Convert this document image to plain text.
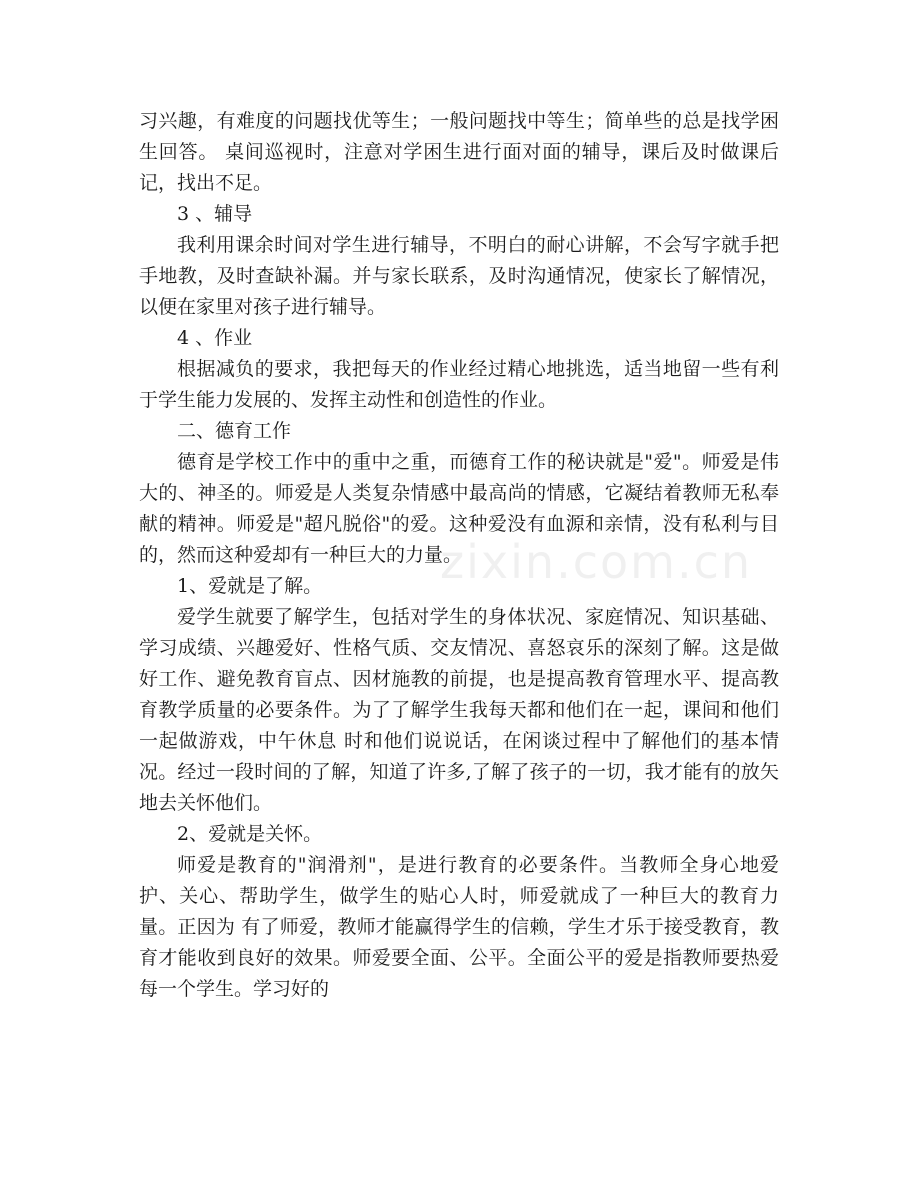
zixin.com.cn

习兴趣，有难度的问题找优等生；一般问题找中等生；简单些的总是找学困生回答。 桌间巡视时，注意对学困生进行面对面的辅导，课后及时做课后记，找出不足。

3 、辅导

我利用课余时间对学生进行辅导，不明白的耐心讲解，不会写字就手把手地教，及时查缺补漏。并与家长联系，及时沟通情况，使家长了解情况，以便在家里对孩子进行辅导。

4 、作业

根据减负的要求，我把每天的作业经过精心地挑选，适当地留一些有利于学生能力发展的、发挥主动性和创造性的作业。

二、德育工作

德育是学校工作中的重中之重，而德育工作的秘诀就是"爱"。师爱是伟大的、神圣的。师爱是人类复杂情感中最高尚的情感，它凝结着教师无私奉献的精神。师爱是"超凡脱俗"的爱。这种爱没有血源和亲情，没有私利与目的，然而这种爱却有一种巨大的力量。

1、爱就是了解。

爱学生就要了解学生，包括对学生的身体状况、家庭情况、知识基础、学习成绩、兴趣爱好、性格气质、交友情况、喜怒哀乐的深刻了解。这是做好工作、避免教育盲点、因材施教的前提，也是提高教育管理水平、提高教育教学质量的必要条件。为了了解学生我每天都和他们在一起，课间和他们一起做游戏，中午休息 时和他们说说话，在闲谈过程中了解他们的基本情况。经过一段时间的了解，知道了许多,了解了孩子的一切，我才能有的放矢地去关怀他们。

2、爱就是关怀。

师爱是教育的"润滑剂"，是进行教育的必要条件。当教师全身心地爱护、关心、帮助学生，做学生的贴心人时，师爱就成了一种巨大的教育力量。正因为 有了师爱，教师才能赢得学生的信赖，学生才乐于接受教育，教育才能收到良好的效果。师爱要全面、公平。全面公平的爱是指教师要热爱每一个学生。学习好的
